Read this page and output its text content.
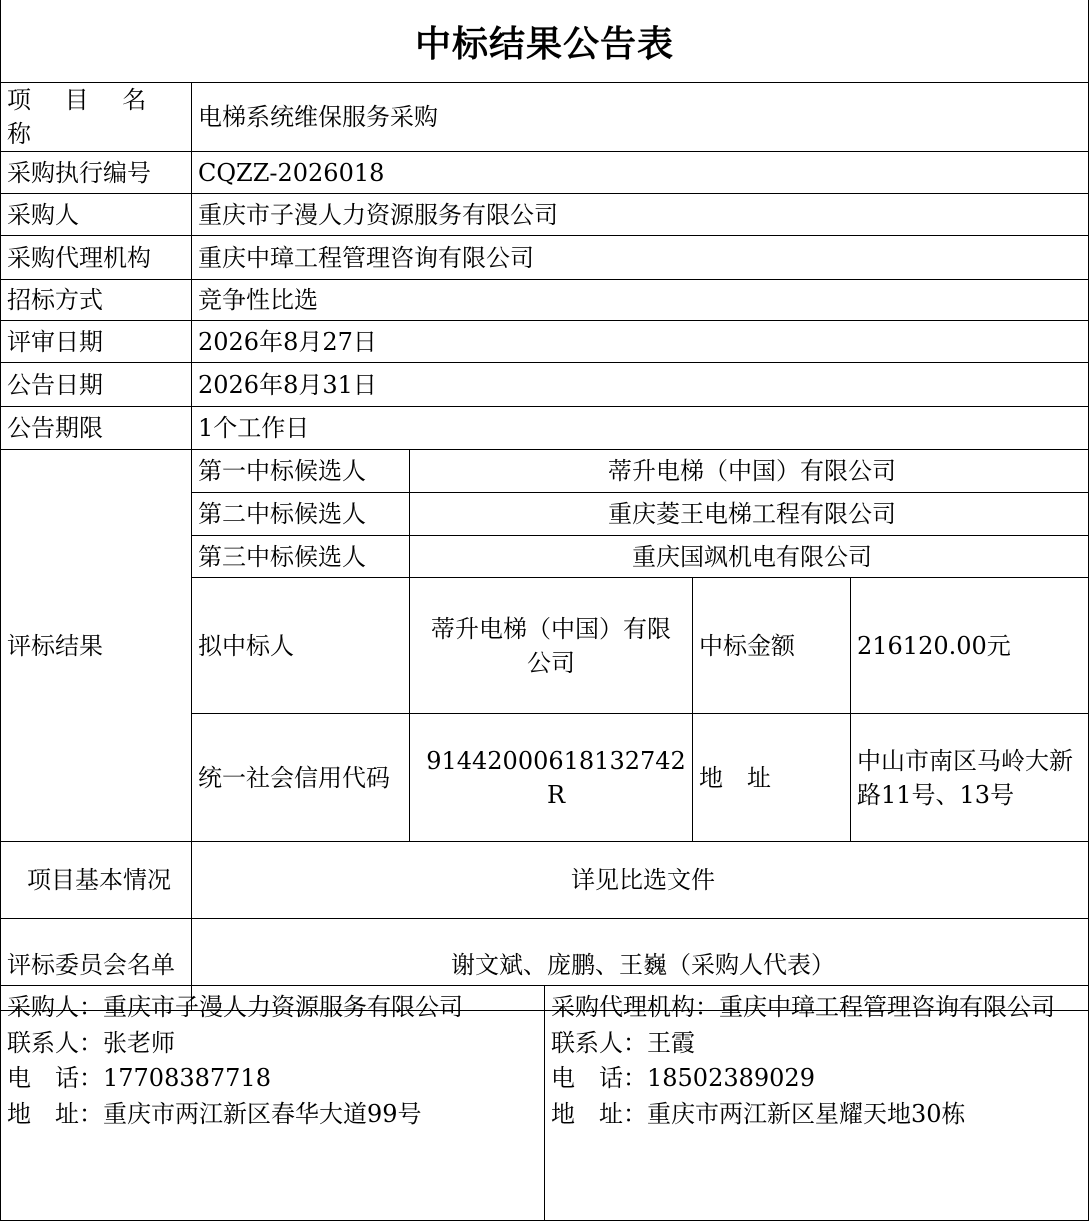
中标结果公告表
项 目 名 称	电梯系统维保服务采购			
采购执行编号	CQZZ-2026018			
采购人	重庆市子漫人力资源服务有限公司			
采购代理机构	重庆中璋工程管理咨询有限公司			
招标方式	竞争性比选			
评审日期	2026年8月27日			
公告日期	2026年8月31日			
公告期限	1个工作日			
评标结果	第一中标候选人	蒂升电梯（中国）有限公司		
	第二中标候选人	重庆菱王电梯工程有限公司		
	第三中标候选人	重庆国飒机电有限公司		
	拟中标人	蒂升电梯（中国）有限公司	中标金额	216120.00元
	统一社会信用代码	91442000618132742R	地　址	中山市南区马岭大新路11号、13号

项目基本情况	详见比选文件			
评标委员会名单	谢文斌、庞鹏、王巍（采购人代表）			
采购人：重庆市子漫人力资源服务有限公司
联系人：张老师
电　话：17708387718
地　址：重庆市两江新区春华大道99号

采购代理机构：重庆中璋工程管理咨询有限公司
联系人：王霞
电　话：18502389029
地　址：重庆市两江新区星耀天地30栋
